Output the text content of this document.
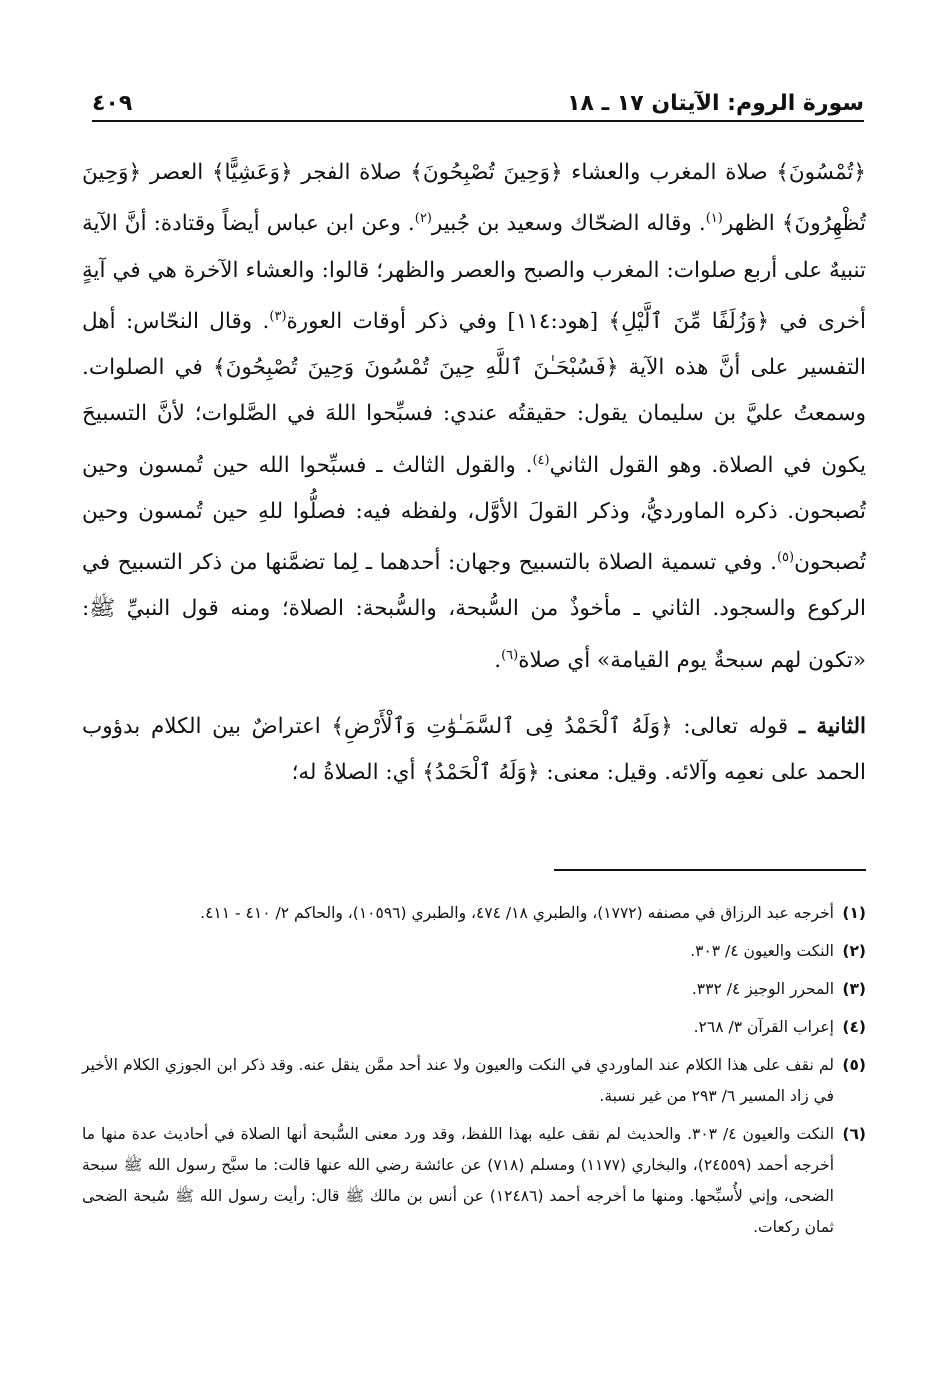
سورة الروم: الآيتان ١٧ ـ ١٨
٤٠٩

﴿تُمْسُونَ﴾ صلاة المغرب والعشاء ﴿وَحِينَ تُصْبِحُونَ﴾ صلاة الفجر ﴿وَعَشِيًّا﴾ العصر ﴿وَحِينَ تُظْهِرُونَ﴾ الظهر$^{(١)}$. وقاله الضحّاك وسعيد بن جُبير$^{(٢)}$. وعن ابن عباس أيضاً وقتادة: أنَّ الآية تنبيهٌ على أربع صلوات: المغرب والصبح والعصر والظهر؛ قالوا: والعشاء الآخرة هي في آيةٍ أخرى في ﴿وَزُلَفًا مِّنَ ٱلَّيْلِ﴾ [هود:١١٤] وفي ذكر أوقات العورة$^{(٣)}$. وقال النحّاس: أهل التفسير على أنَّ هذه الآية ﴿فَسُبْحَـٰنَ ٱللَّهِ حِينَ تُمْسُونَ وَحِينَ تُصْبِحُونَ﴾ في الصلوات. وسمعتُ عليَّ بن سليمان يقول: حقيقتُه عندي: فسبِّحوا اللهَ في الصَّلوات؛ لأنَّ التسبيحَ يكون في الصلاة. وهو القول الثاني$^{(٤)}$. والقول الثالث ـ فسبِّحوا الله حين تُمسون وحين تُصبحون. ذكره الماورديُّ، وذكر القولَ الأوَّل، ولفظه فيه: فصلُّوا للهِ حين تُمسون وحين تُصبحون$^{(٥)}$. وفي تسمية الصلاة بالتسبيح وجهان: أحدهما ـ لِما تضمَّنها من ذكر التسبيح في الركوع والسجود. الثاني ـ مأخوذٌ من السُّبحة، والسُّبحة: الصلاة؛ ومنه قول النبيِّ ﷺ: «تكون لهم سبحةٌ يوم القيامة» أي صلاة$^{(٦)}$.

الثانية ـ قوله تعالى: ﴿وَلَهُ ٱلْحَمْدُ فِى ٱلسَّمَـٰوَٰتِ وَٱلْأَرْضِ﴾ اعتراضٌ بين الكلام بدؤوب الحمد على نعمِه وآلائه. وقيل: معنى: ﴿وَلَهُ ٱلْحَمْدُ﴾ أي: الصلاةُ له؛

(١)
أخرجه عبد الرزاق في مصنفه (١٧٧٢)، والطبري ١٨/ ٤٧٤، والطبري (١٠٥٩٦)، والحاكم ٢/ ٤١٠ - ٤١١.
(٢)
النكت والعيون ٤/ ٣٠٣.
(٣)
المحرر الوجيز ٤/ ٣٣٢.
(٤)
إعراب القرآن ٣/ ٢٦٨.
(٥)
لم نقف على هذا الكلام عند الماوردي في النكت والعيون ولا عند أحد ممَّن ينقل عنه. وقد ذكر ابن الجوزي الكلام الأخير في زاد المسير ٦/ ٢٩٣ من غير نسبة.
(٦)
النكت والعيون ٤/ ٣٠٣. والحديث لم نقف عليه بهذا اللفظ، وقد ورد معنى السُّبحة أنها الصلاة في أحاديث عدة منها ما أخرجه أحمد (٢٤٥٥٩)، والبخاري (١١٧٧) ومسلم (٧١٨) عن عائشة رضي الله عنها قالت: ما سبَّح رسول الله ﷺ سبحة الضحى، وإني لأُسبِّحها. ومنها ما أخرجه أحمد (١٢٤٨٦) عن أنس بن مالك ﷺ قال: رأيت رسول الله ﷺ سُبحة الضحى ثمان ركعات.
